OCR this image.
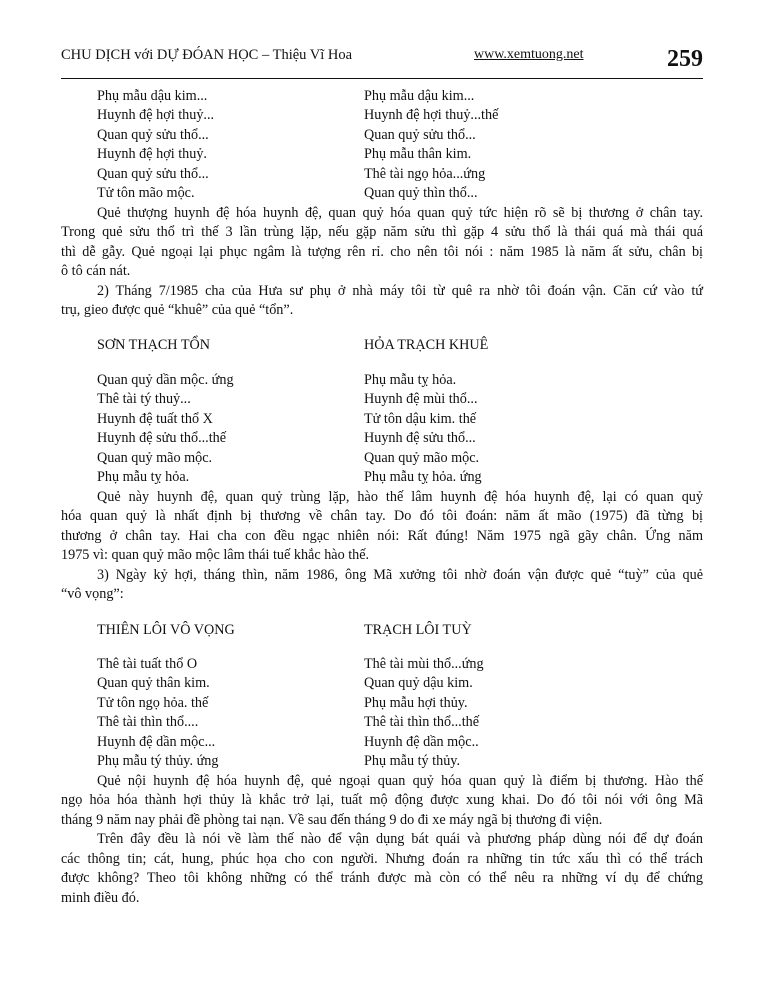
CHU DỊCH với DỰ ĐÓAN HỌC – Thiệu Vĩ Hoa	www.xemtuong.net	259
Phụ mẫu dậu kim...	Phụ mẫu dậu kim...
Huynh đệ hợi thuỷ...	Huynh đệ hợi thuỷ...thế
Quan quỷ sửu thổ...	Quan quỷ sửu thổ...
Huynh đệ hợi thuỷ.	Phụ mẫu thân kim.
Quan quỷ sửu thổ...	Thê tài ngọ hỏa...ứng
Tử tôn mão mộc.	Quan quỷ thìn thổ...
Quẻ thượng huynh đệ hóa huynh đệ, quan quỷ hóa quan quỷ tức hiện rõ sẽ bị thương ở chân tay.
Trong quẻ sửu thổ trì thế 3 lần trùng lặp, nếu gặp năm sửu thì gặp 4 sửu thổ là thái quá mà thái quá
thì dễ gẫy. Quẻ ngoại lại phục ngâm là tượng rên rỉ. cho nên tôi nói : năm 1985 là năm ất sửu, chân bị
ô tô cán nát.
2) Tháng 7/1985 cha của Hưa sư phụ ở nhà máy tôi từ quê ra nhờ tôi đoán vận. Căn cứ vào tứ
trụ, gieo được quẻ “khuê” của quẻ “tổn”.
SƠN THẠCH TỔN	HỎA TRẠCH KHUÊ
Quan quỷ dần mộc. ứng	Phụ mẫu tỵ hỏa.
Thê tài tý thuỷ...	Huynh đệ mùi thổ...
Huynh đệ tuất thổ X	Tử tôn dậu kim. thế
Huynh đệ sửu thổ...thế	Huynh đệ sửu thổ...
Quan quỷ mão mộc.	Quan quỷ mão mộc.
Phụ mẫu tỵ hỏa.	Phụ mẫu tỵ hỏa. ứng
Quẻ này huynh đệ, quan quỷ trùng lặp, hào thế lâm huynh đệ hóa huynh đệ, lại có quan quỷ
hóa quan quỷ là nhất định bị thương về chân tay. Do đó tôi đoán: năm ất mão (1975) đã từng bị
thương ở chân tay. Hai cha con đều ngạc nhiên nói: Rất đúng! Năm 1975 ngã gãy chân. Ứng năm
1975 vì: quan quỷ mão mộc lâm thái tuế khắc hào thế.
3) Ngày kỷ hợi, tháng thìn, năm 1986, ông Mã xưởng tôi nhờ đoán vận được quẻ “tuỳ” của quẻ
“vô vọng”:
THIÊN LÔI VÔ VỌNG	TRẠCH LÔI TUỲ
Thê tài tuất thổ O	Thê tài mùi thổ...ứng
Quan quỷ thân kim.	Quan quỷ dậu kim.
Tử tôn ngọ hỏa. thế	Phụ mẫu hợi thủy.
Thê tài thìn thổ....	Thê tài thìn thổ...thế
Huynh đệ dần mộc...	Huynh đệ dần mộc..
Phụ mẫu tý thủy. ứng	Phụ mẫu tý thủy.
Quẻ nội huynh đệ hóa huynh đệ, quẻ ngoại quan quỷ hóa quan quỷ là điểm bị thương. Hào thế
ngọ hỏa hóa thành hợi thủy là khắc trở lại, tuất mộ động được xung khai. Do đó tôi nói với ông Mã
tháng 9 năm nay phải đề phòng tai nạn. Về sau đến tháng 9 do đi xe máy ngã bị thương đi viện.
Trên đây đều là nói về làm thế nào để vận dụng bát quái và phương pháp dùng nói để dự đoán
các thông tin; cát, hung, phúc họa cho con người. Nhưng đoán ra những tin tức xấu thì có thể trách
được không? Theo tôi không những có thể tránh được mà còn có thể nêu ra những ví dụ để chứng
minh điều đó.
